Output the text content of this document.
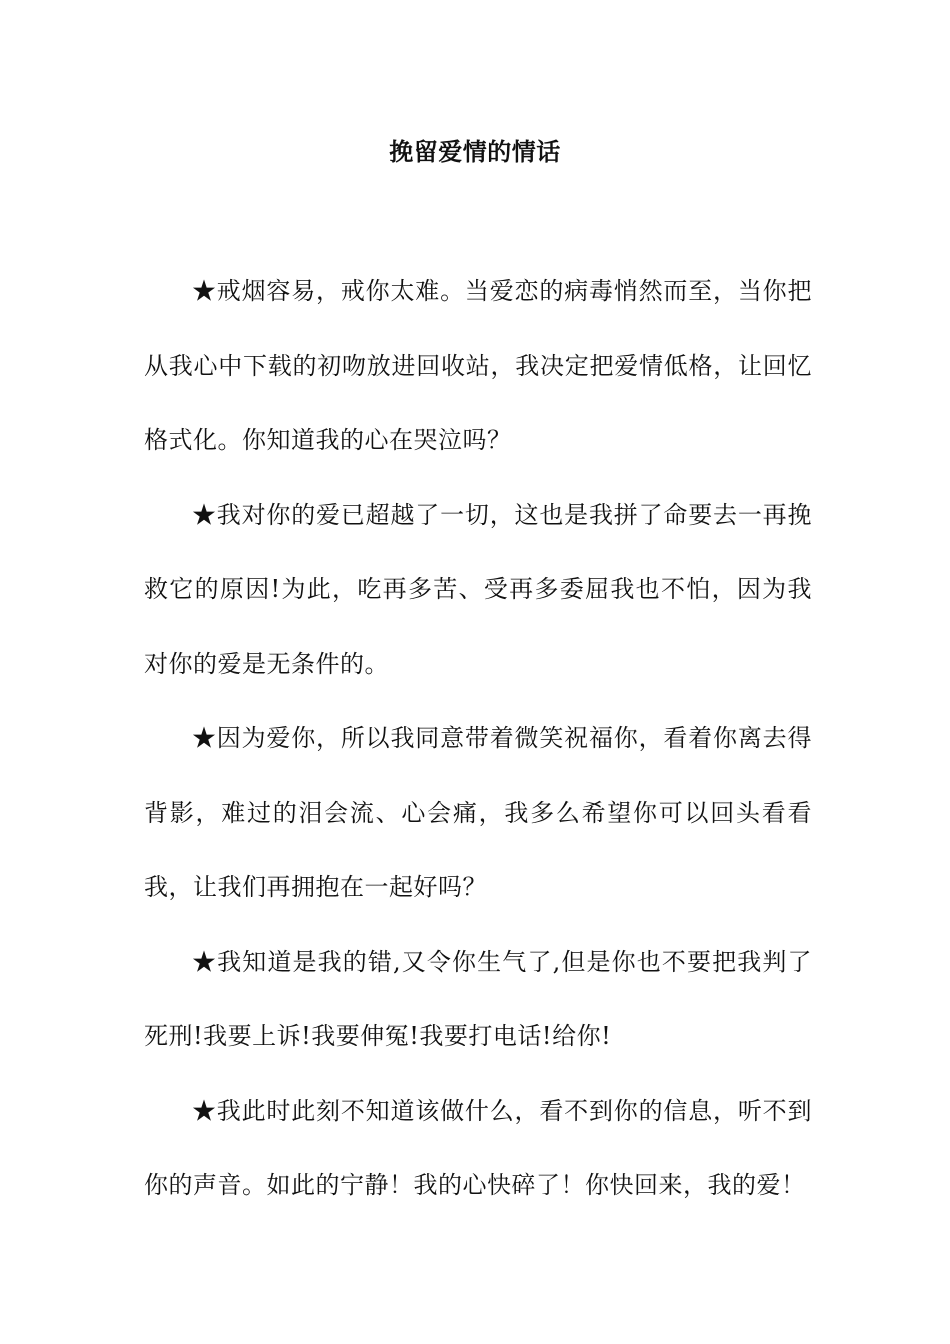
挽留爱情的情话

★戒烟容易，戒你太难。当爱恋的病毒悄然而至，当你把从我心中下载的初吻放进回收站，我决定把爱情低格，让回忆格式化。你知道我的心在哭泣吗？

★我对你的爱已超越了一切，这也是我拼了命要去一再挽救它的原因!为此，吃再多苦、受再多委屈我也不怕，因为我对你的爱是无条件的。

★因为爱你，所以我同意带着微笑祝福你，看着你离去得背影，难过的泪会流、心会痛，我多么希望你可以回头看看我，让我们再拥抱在一起好吗？

★我知道是我的错,又令你生气了,但是你也不要把我判了死刑!我要上诉!我要伸冤!我要打电话!给你!

★我此时此刻不知道该做什么，看不到你的信息，听不到你的声音。如此的宁静！我的心快碎了！你快回来，我的爱！
